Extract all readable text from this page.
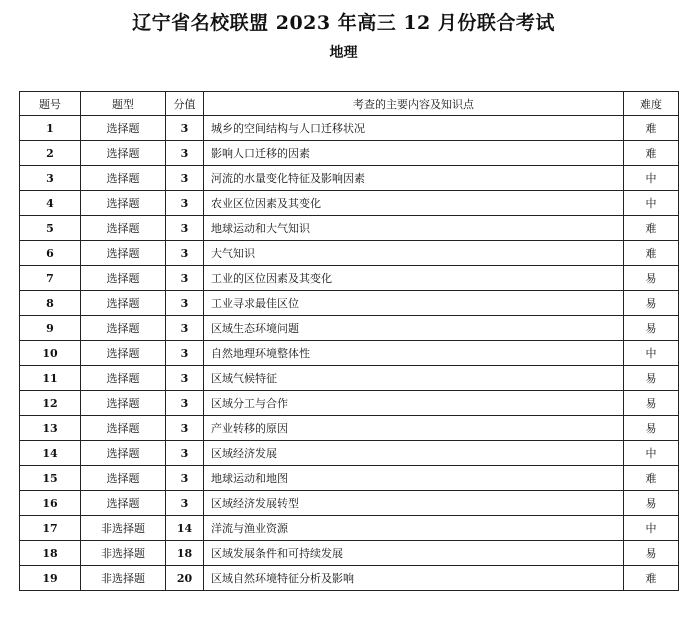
辽宁省名校联盟 2023 年高三 12 月份联合考试
地理
题号	题型	分值	考查的主要内容及知识点	难度
1	选择题	3	城乡的空间结构与人口迁移状况	难
2	选择题	3	影响人口迁移的因素	难
3	选择题	3	河流的水量变化特征及影响因素	中
4	选择题	3	农业区位因素及其变化	中
5	选择题	3	地球运动和大气知识	难
6	选择题	3	大气知识	难
7	选择题	3	工业的区位因素及其变化	易
8	选择题	3	工业寻求最佳区位	易
9	选择题	3	区域生态环境问题	易
10	选择题	3	自然地理环境整体性	中
11	选择题	3	区域气候特征	易
12	选择题	3	区域分工与合作	易
13	选择题	3	产业转移的原因	易
14	选择题	3	区域经济发展	中
15	选择题	3	地球运动和地图	难
16	选择题	3	区域经济发展转型	易
17	非选择题	14	洋流与渔业资源	中
18	非选择题	18	区域发展条件和可持续发展	易
19	非选择题	20	区域自然环境特征分析及影响	难
